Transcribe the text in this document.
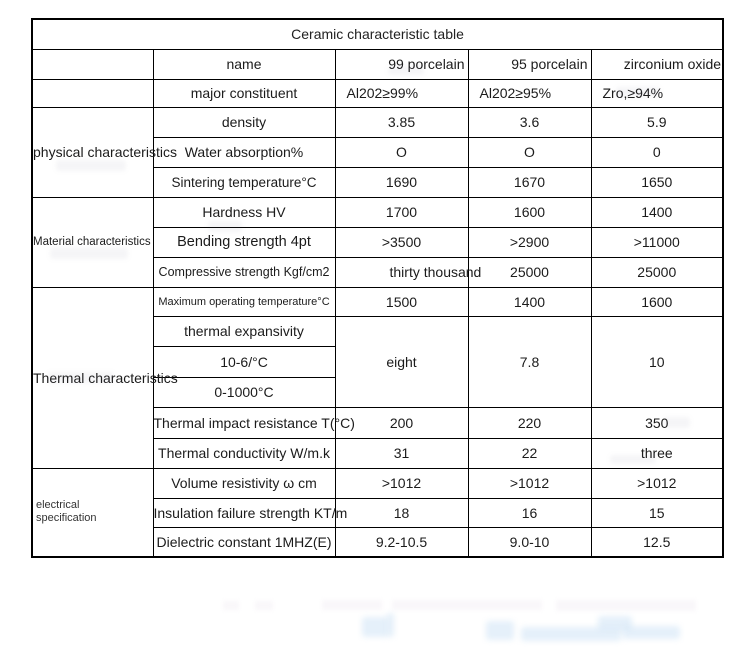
Ceramic characteristic table				
	name	99 porcelain	95 porcelain	zirconium oxide
	major constituent	Al202≥99%	Al202≥95%	Zro,≥94%
physical characteristics	density	3.85	3.6	5.9
	Water absorption%	O	O	0
	Sintering temperature°C	1690	1670	1650
Material characteristics	Hardness HV	1700	1600	1400
	Bending strength 4pt	>3500	>2900	>11000
	Compressive strength Kgf/cm2	thirty thousand	25000	25000
Thermal characteristics	Maximum operating temperature°C	1500	1400	1600
	thermal expansivity	eight	7.8	10
	10-6/°C			
	0-1000°C			
	Thermal impact resistance T(°C)	200	220	350
	Thermal conductivity W/m.k	31	22	three

electrical
specification	Volume resistivity ω cm	>1012	>1012	>1012
	Insulation failure strength KT/m	18	16	15
	Dielectric constant 1MHZ(E)	9.2-10.5	9.0-10	12.5
